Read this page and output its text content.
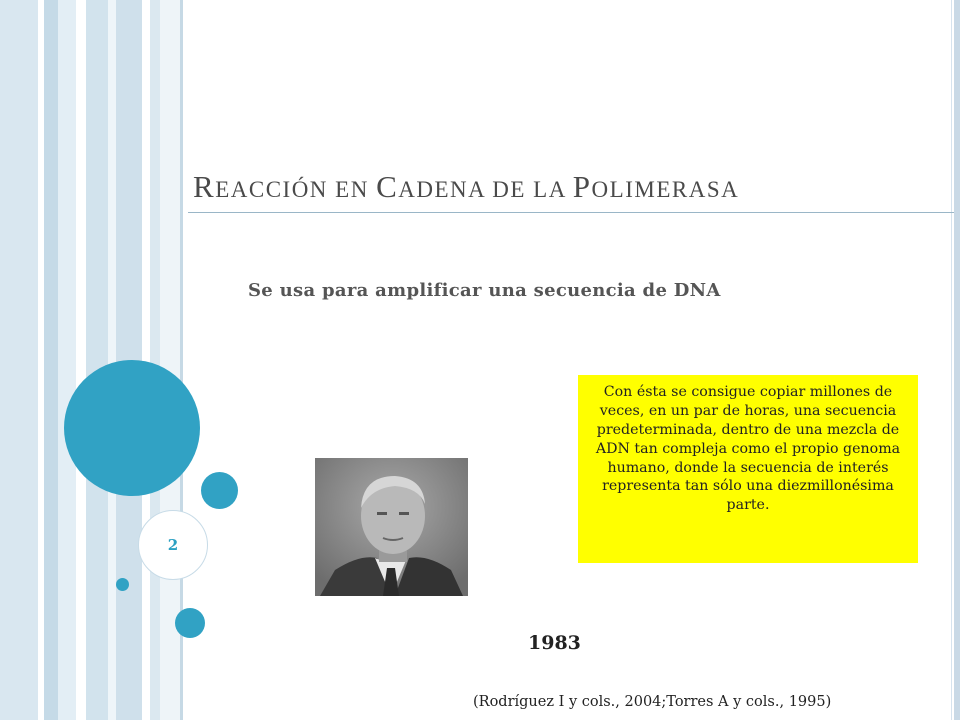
2
REACCIÓN EN CADENA DE LA POLIMERASA
Se usa para amplificar una secuencia de DNA
Con ésta se consigue copiar millones de veces, en un par de horas, una secuencia predeterminada, dentro de una mezcla de ADN tan compleja como el propio genoma humano, donde la secuencia de interés representa tan sólo una diezmillonésima parte.
1983
(Rodríguez I y cols., 2004;Torres A y cols., 1995)
